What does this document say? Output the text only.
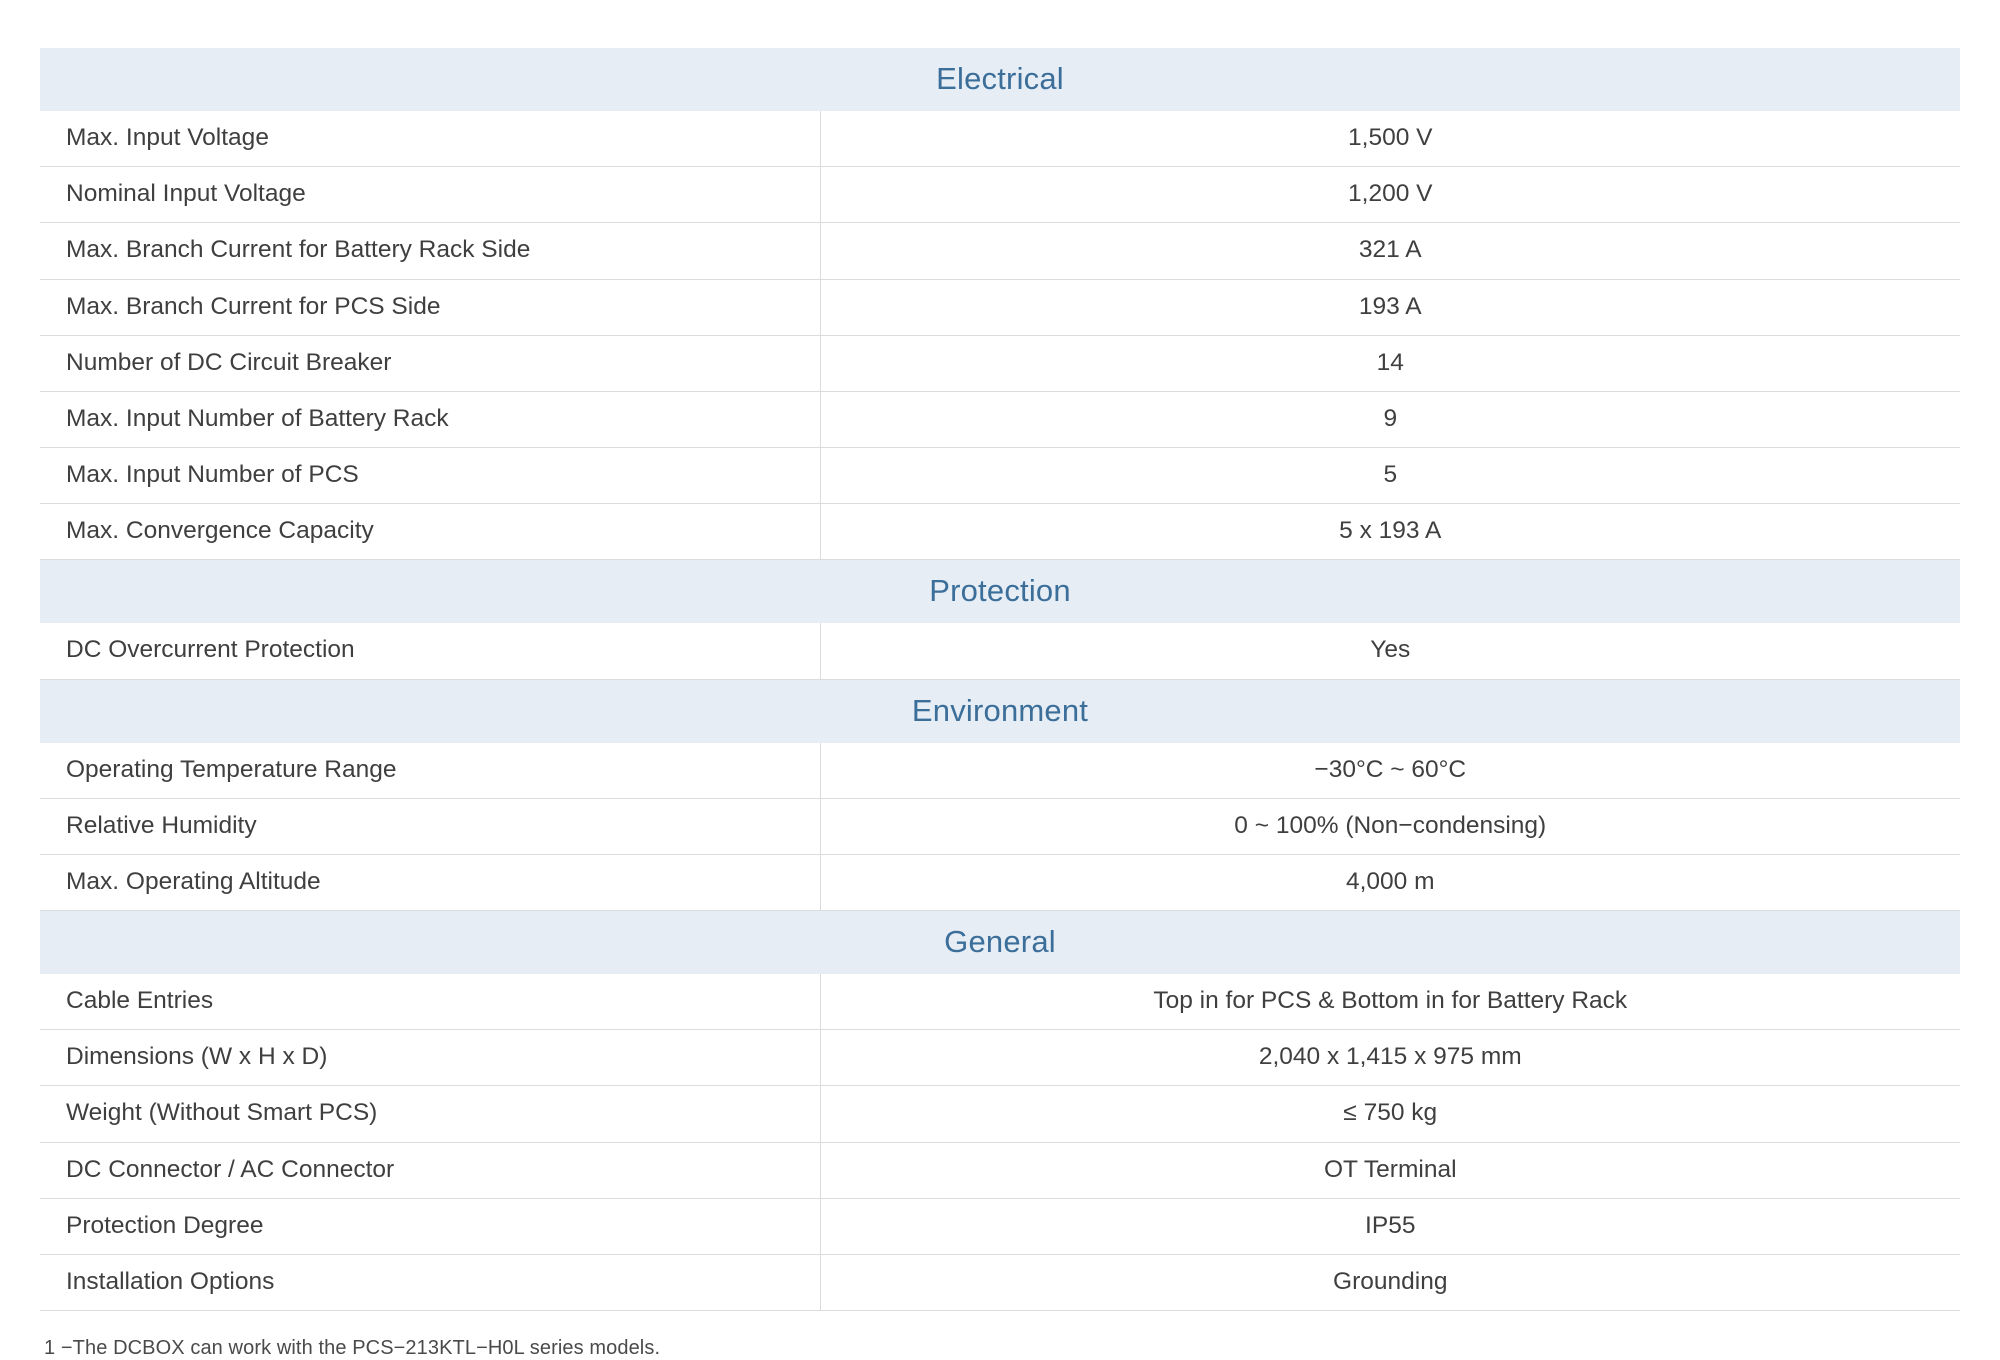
Electrical	
Max. Input Voltage	1,500 V
Nominal Input Voltage	1,200 V
Max. Branch Current for Battery Rack Side	321 A
Max. Branch Current for PCS Side	193 A
Number of DC Circuit Breaker	14
Max. Input Number of Battery Rack	9
Max. Input Number of PCS	5
Max. Convergence Capacity	5 x 193 A
Protection	
DC Overcurrent Protection	Yes
Environment	
Operating Temperature Range	−30°C ~ 60°C
Relative Humidity	0 ~ 100% (Non−condensing)
Max. Operating Altitude	4,000 m
General	
Cable Entries	Top in for PCS & Bottom in for Battery Rack
Dimensions (W x H x D)	2,040 x 1,415 x 975 mm
Weight (Without Smart PCS)	≤ 750 kg
DC Connector / AC Connector	OT Terminal
Protection Degree	IP55
Installation Options	Grounding
1 −The DCBOX can work with the PCS−213KTL−H0L series models.
